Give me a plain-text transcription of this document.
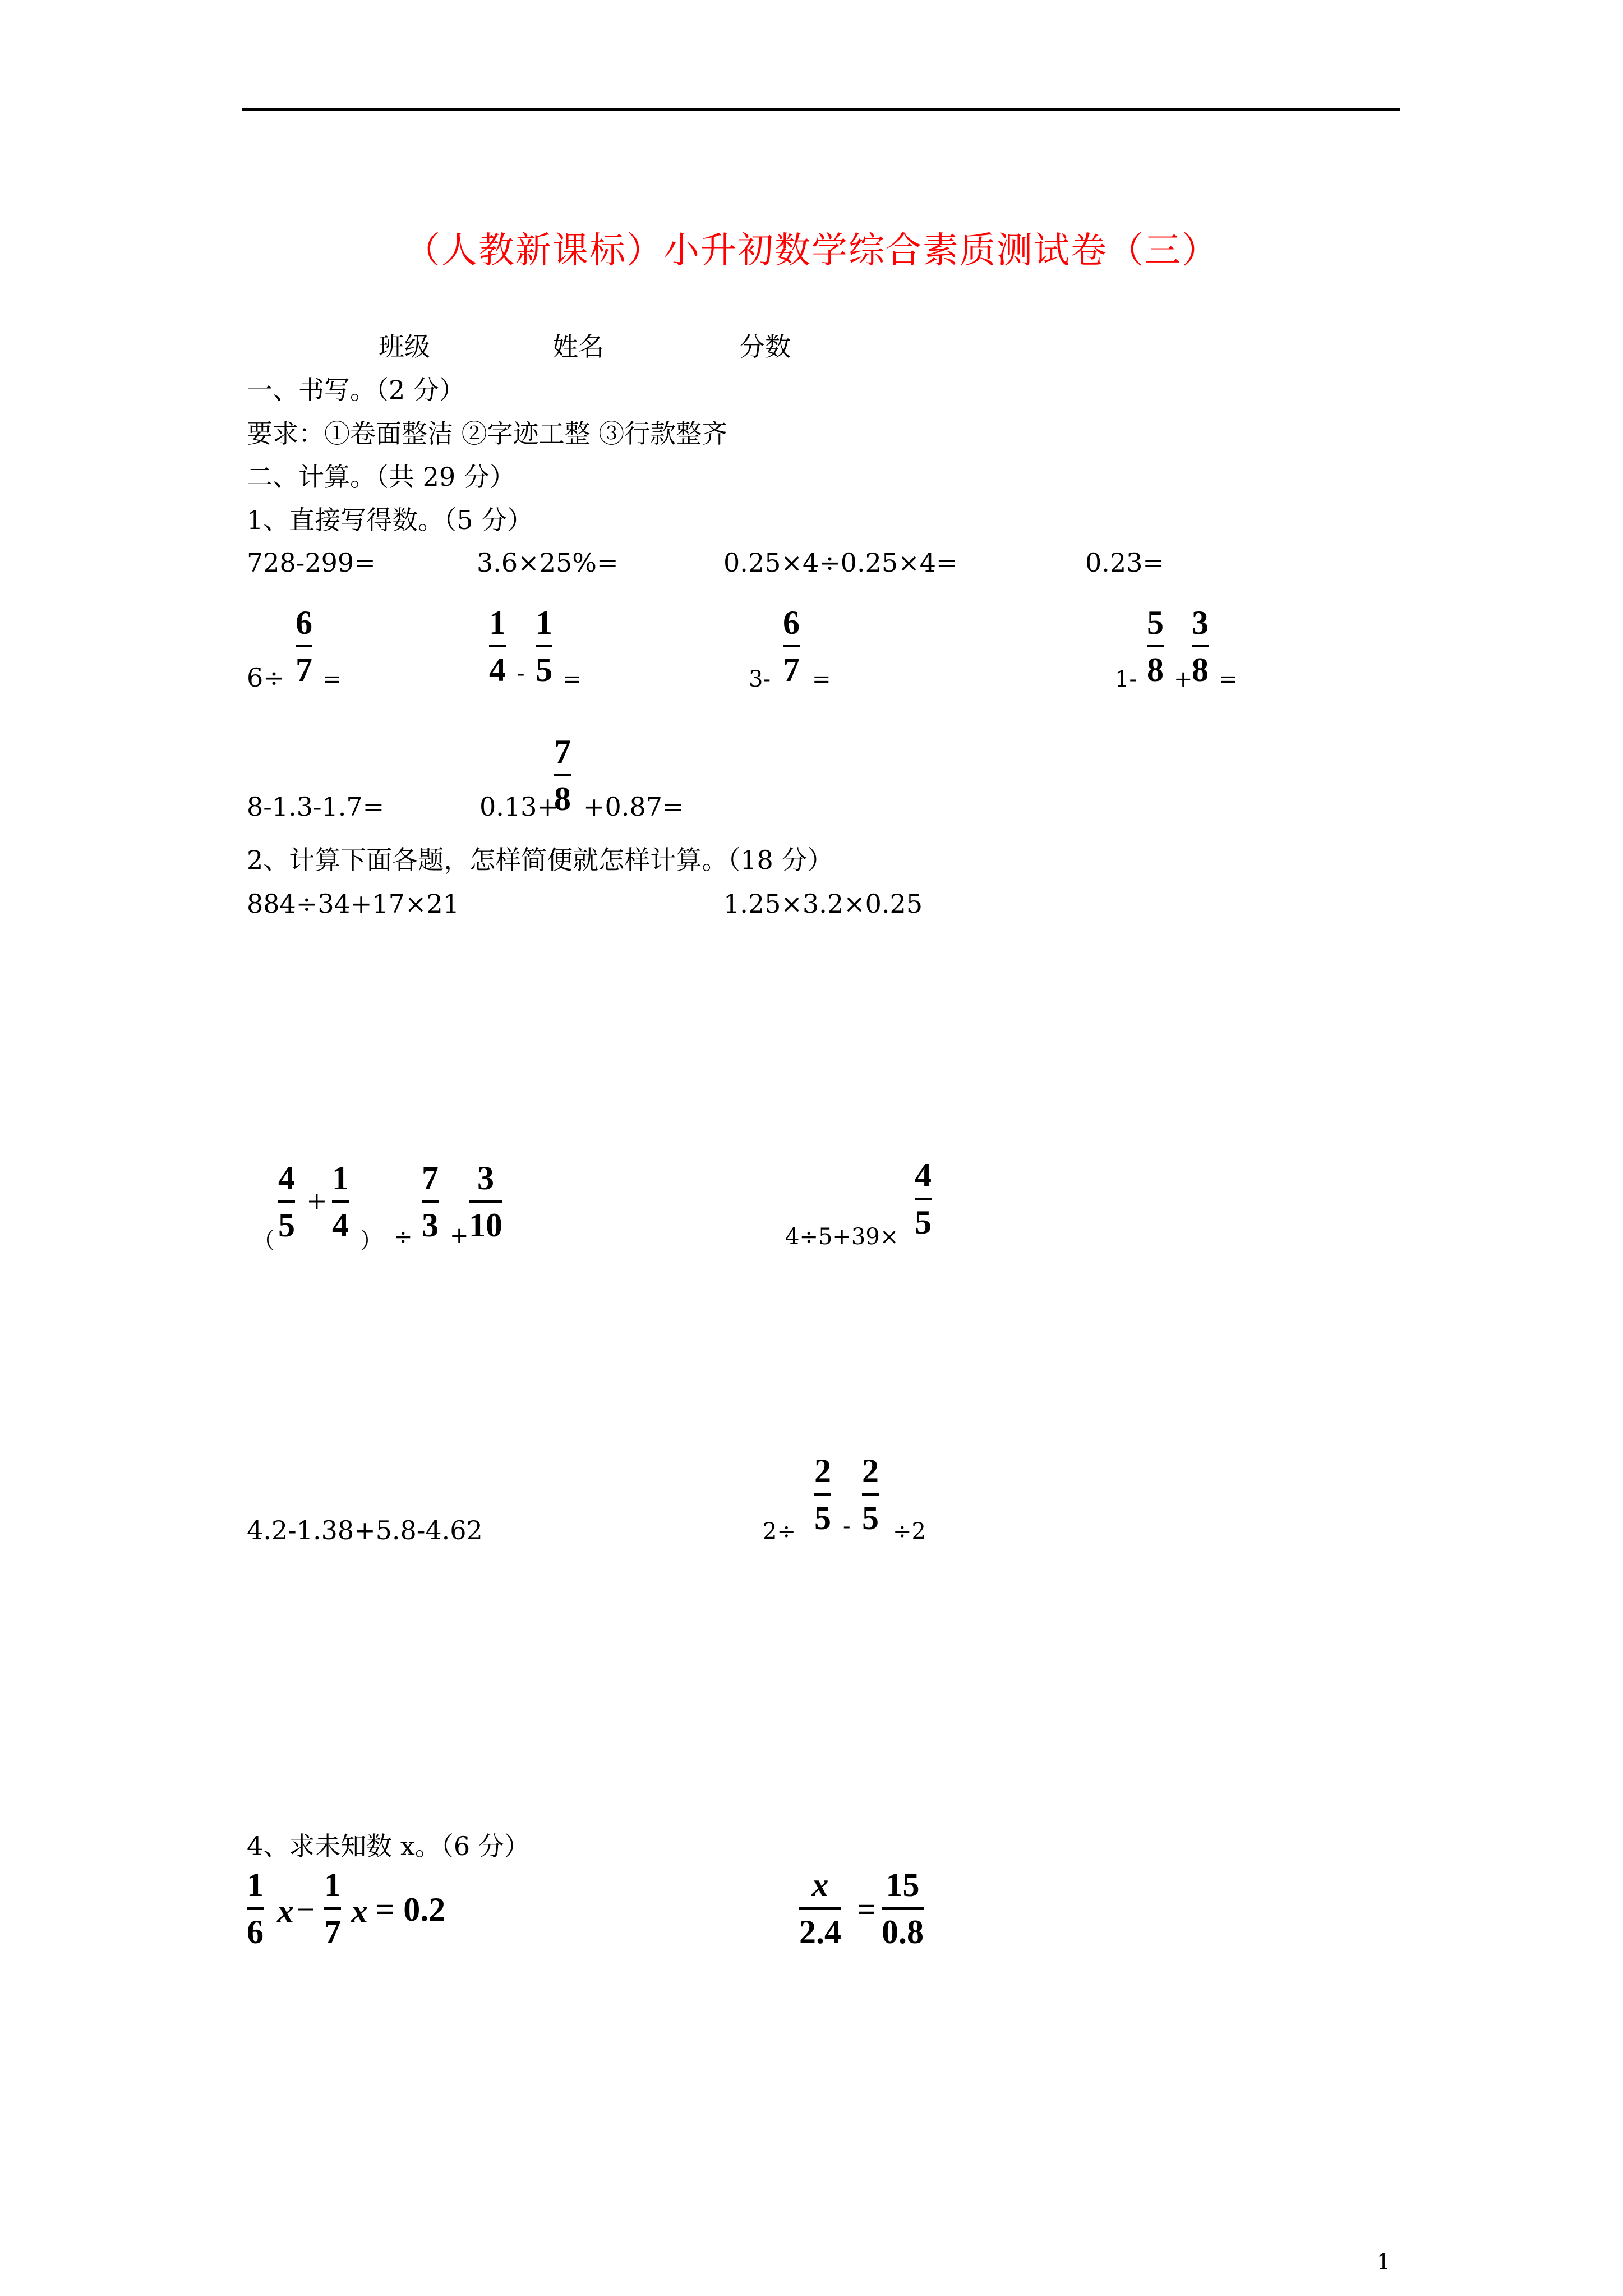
（人教新课标）小升初数学综合素质测试卷（三）
班级	姓名	分数
一、书写。（2 分）
要求：①卷面整洁 ②字迹工整 ③行款整齐
二、计算。（共 29 分）
1、直接写得数。（5 分）
728-299=	3.6×25%=	0.25×4÷0.25×4=	0.23=
6÷
6
7 =
1
4 -
1
5 =	3-
6
7 =	1-
5
8 +
3
8 =
8-1.3-1.7=	0.13+
7
8 +0.87=
2、计算下面各题，怎样简便就怎样计算。（18 分）
884÷34+17×21	1.25×3.2×0.25
（
4
5
+
1
4 ） ÷
7
3 +
3
10	4÷5+39×
4
5
4.2-1.38+5.8-4.62	2÷
2
5 -
2
5 ÷2
4、求未知数 x。（6 分）
1
6
x −
1
7
x = 0.2
x
2.4
=
15
0.8
1
